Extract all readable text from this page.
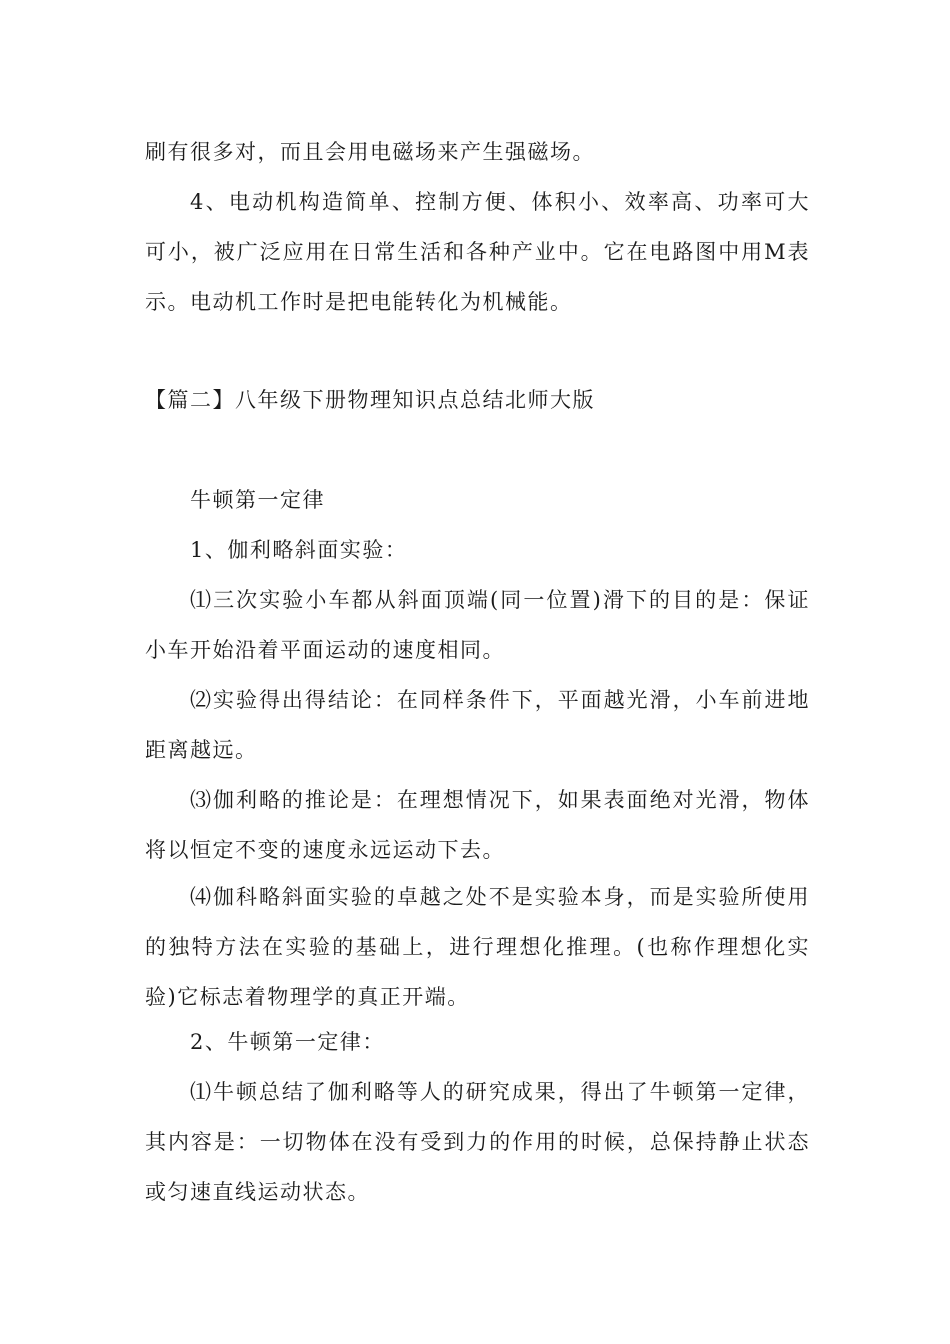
刷有很多对，而且会用电磁场来产生强磁场。

4、电动机构造简单、控制方便、体积小、效率高、功率可大可小，被广泛应用在日常生活和各种产业中。它在电路图中用M表示。电动机工作时是把电能转化为机械能。

【篇二】八年级下册物理知识点总结北师大版

牛顿第一定律

1、伽利略斜面实验：

⑴三次实验小车都从斜面顶端(同一位置)滑下的目的是：保证小车开始沿着平面运动的速度相同。

⑵实验得出得结论：在同样条件下，平面越光滑，小车前进地距离越远。

⑶伽利略的推论是：在理想情况下，如果表面绝对光滑，物体将以恒定不变的速度永远运动下去。

⑷伽科略斜面实验的卓越之处不是实验本身，而是实验所使用的独特方法在实验的基础上，进行理想化推理。(也称作理想化实验)它标志着物理学的真正开端。

2、牛顿第一定律：

⑴牛顿总结了伽利略等人的研究成果，得出了牛顿第一定律，其内容是：一切物体在没有受到力的作用的时候，总保持静止状态或匀速直线运动状态。
